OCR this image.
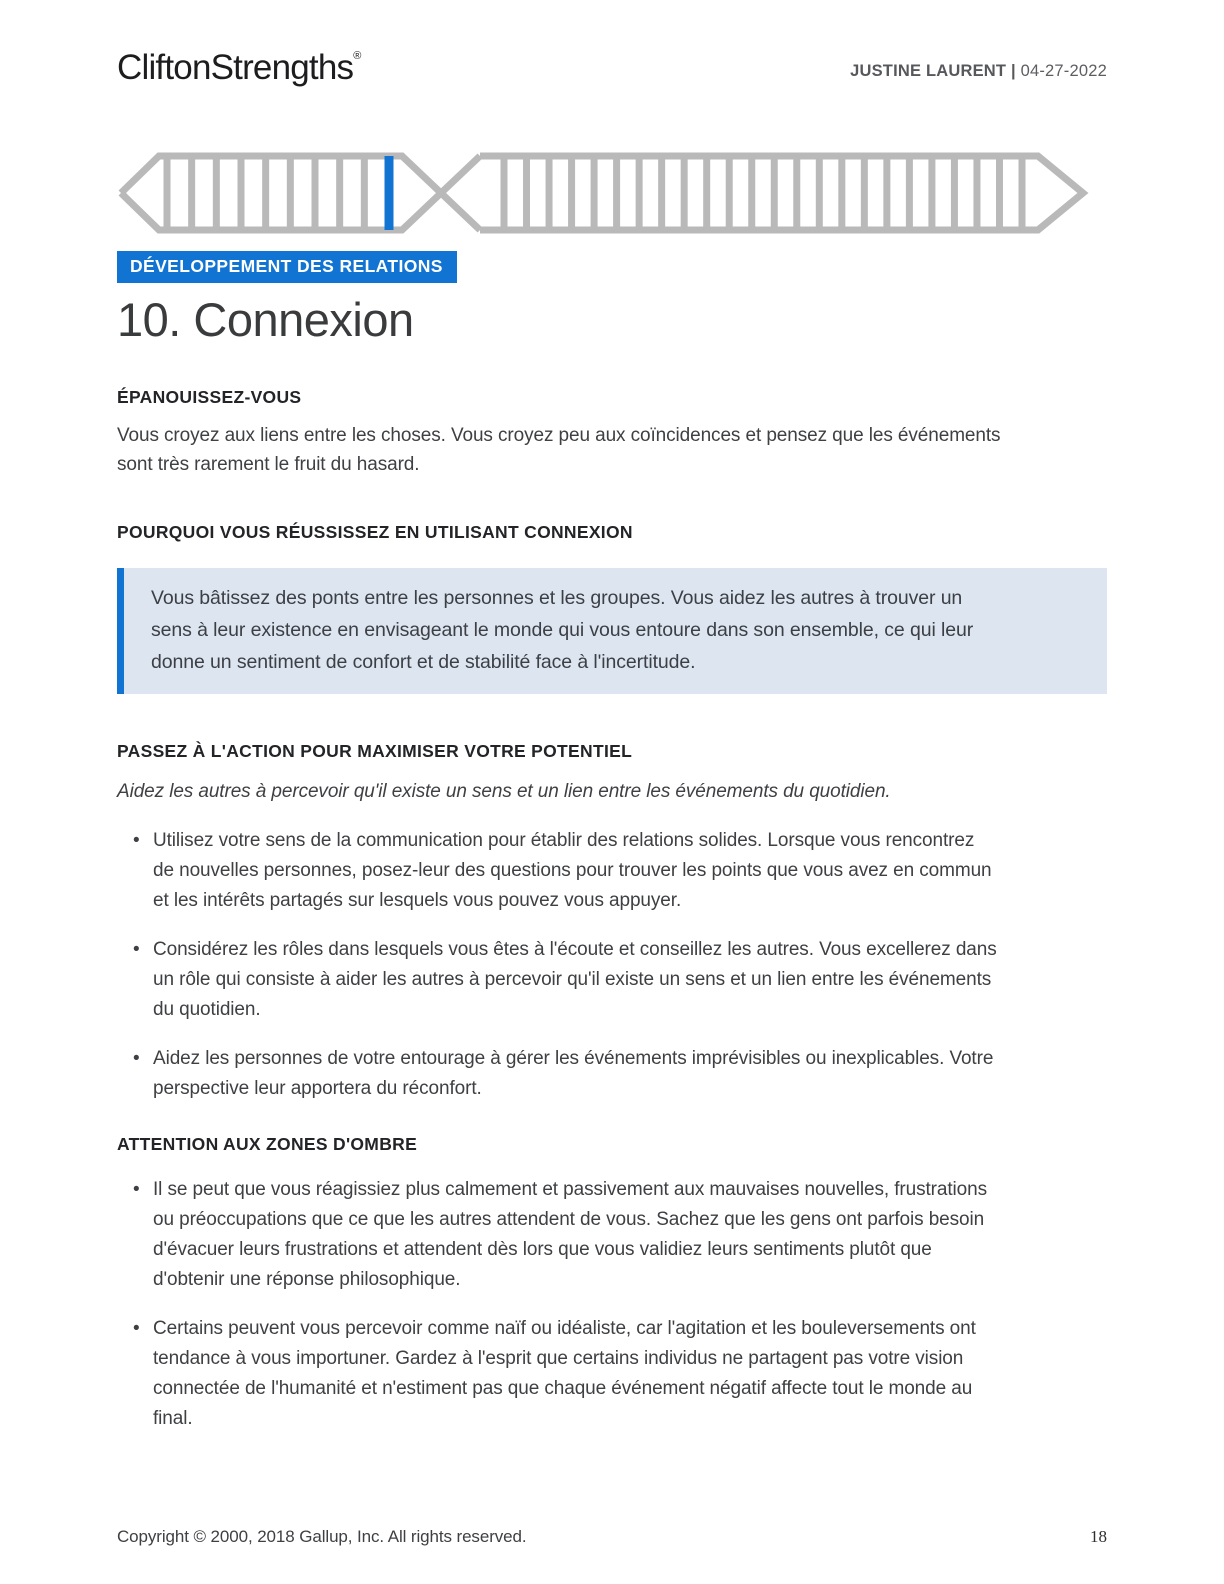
CliftonStrengths®
JUSTINE LAURENT | 04-27-2022
DÉVELOPPEMENT DES RELATIONS
10. Connexion
ÉPANOUISSEZ-VOUS

Vous croyez aux liens entre les choses. Vous croyez peu aux coïncidences et pensez que les événements sont très rarement le fruit du hasard.

POURQUOI VOUS RÉUSSISSEZ EN UTILISANT CONNEXION

Vous bâtissez des ponts entre les personnes et les groupes. Vous aidez les autres à trouver un sens à leur existence en envisageant le monde qui vous entoure dans son ensemble, ce qui leur donne un sentiment de confort et de stabilité face à l'incertitude.

PASSEZ À L'ACTION POUR MAXIMISER VOTRE POTENTIEL

Aidez les autres à percevoir qu'il existe un sens et un lien entre les événements du quotidien.

• Utilisez votre sens de la communication pour établir des relations solides. Lorsque vous rencontrez de nouvelles personnes, posez-leur des questions pour trouver les points que vous avez en commun et les intérêts partagés sur lesquels vous pouvez vous appuyer.
• Considérez les rôles dans lesquels vous êtes à l'écoute et conseillez les autres. Vous excellerez dans un rôle qui consiste à aider les autres à percevoir qu'il existe un sens et un lien entre les événements du quotidien.
• Aidez les personnes de votre entourage à gérer les événements imprévisibles ou inexplicables. Votre perspective leur apportera du réconfort.
ATTENTION AUX ZONES D'OMBRE
• Il se peut que vous réagissiez plus calmement et passivement aux mauvaises nouvelles, frustrations ou préoccupations que ce que les autres attendent de vous. Sachez que les gens ont parfois besoin d'évacuer leurs frustrations et attendent dès lors que vous validiez leurs sentiments plutôt que d'obtenir une réponse philosophique.
• Certains peuvent vous percevoir comme naïf ou idéaliste, car l'agitation et les bouleversements ont tendance à vous importuner. Gardez à l'esprit que certains individus ne partagent pas votre vision connectée de l'humanité et n'estiment pas que chaque événement négatif affecte tout le monde au final.
Copyright © 2000, 2018 Gallup, Inc. All rights reserved.	18
